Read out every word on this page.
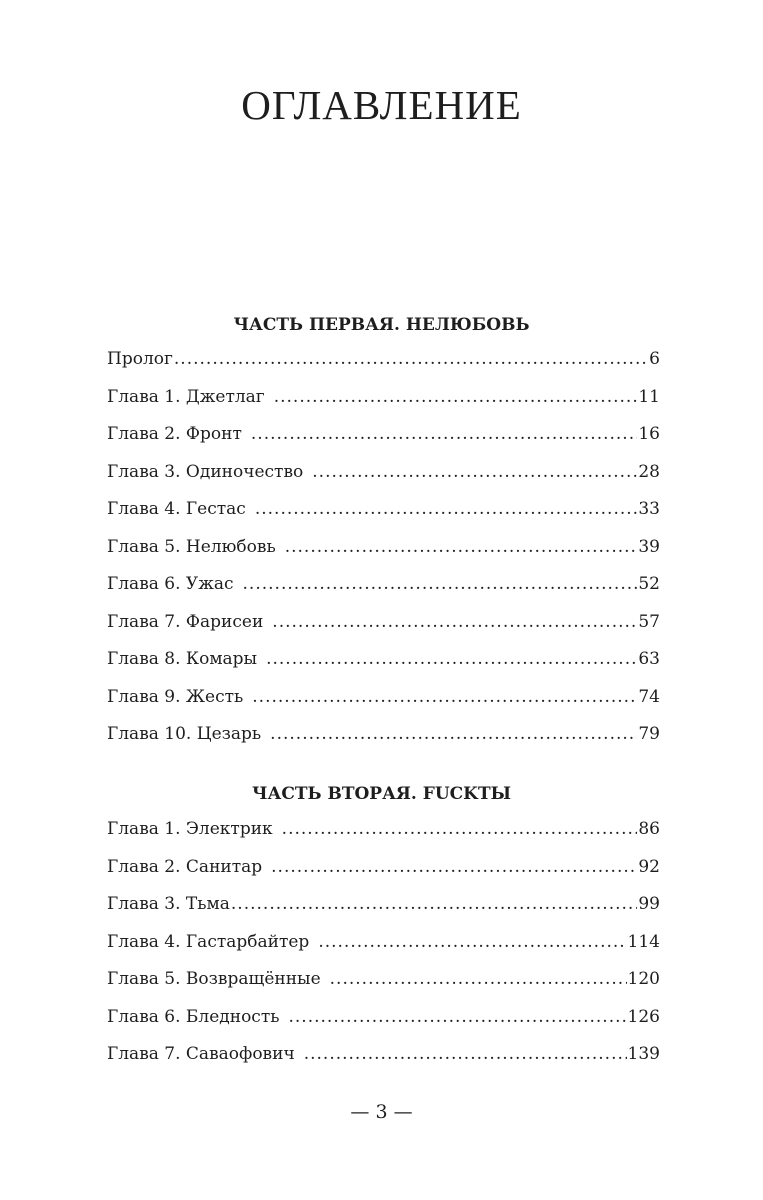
ОГЛАВЛЕНИЕ
ЧАСТЬ ПЕРВАЯ. НЕЛЮБОВЬ
Пролог .....	6
Глава 1. Джетлаг .....	11
Глава 2. Фронт .....	16
Глава 3. Одиночество .....	28
Глава 4. Гестас .....	33
Глава 5. Нелюбовь .....	39
Глава 6. Ужас .....	52
Глава 7. Фарисеи .....	57
Глава 8. Комары .....	63
Глава 9. Жесть .....	74
Глава 10. Цезарь .....	79
ЧАСТЬ ВТОРАЯ. FUCKТЫ
Глава 1. Электрик .....	86
Глава 2. Санитар .....	92
Глава 3. Тьма .....	99
Глава 4. Гастарбайтер .....	114
Глава 5. Возвращённые .....	120
Глава 6. Бледность .....	126
Глава 7. Саваофович .....	139
— 3 —
